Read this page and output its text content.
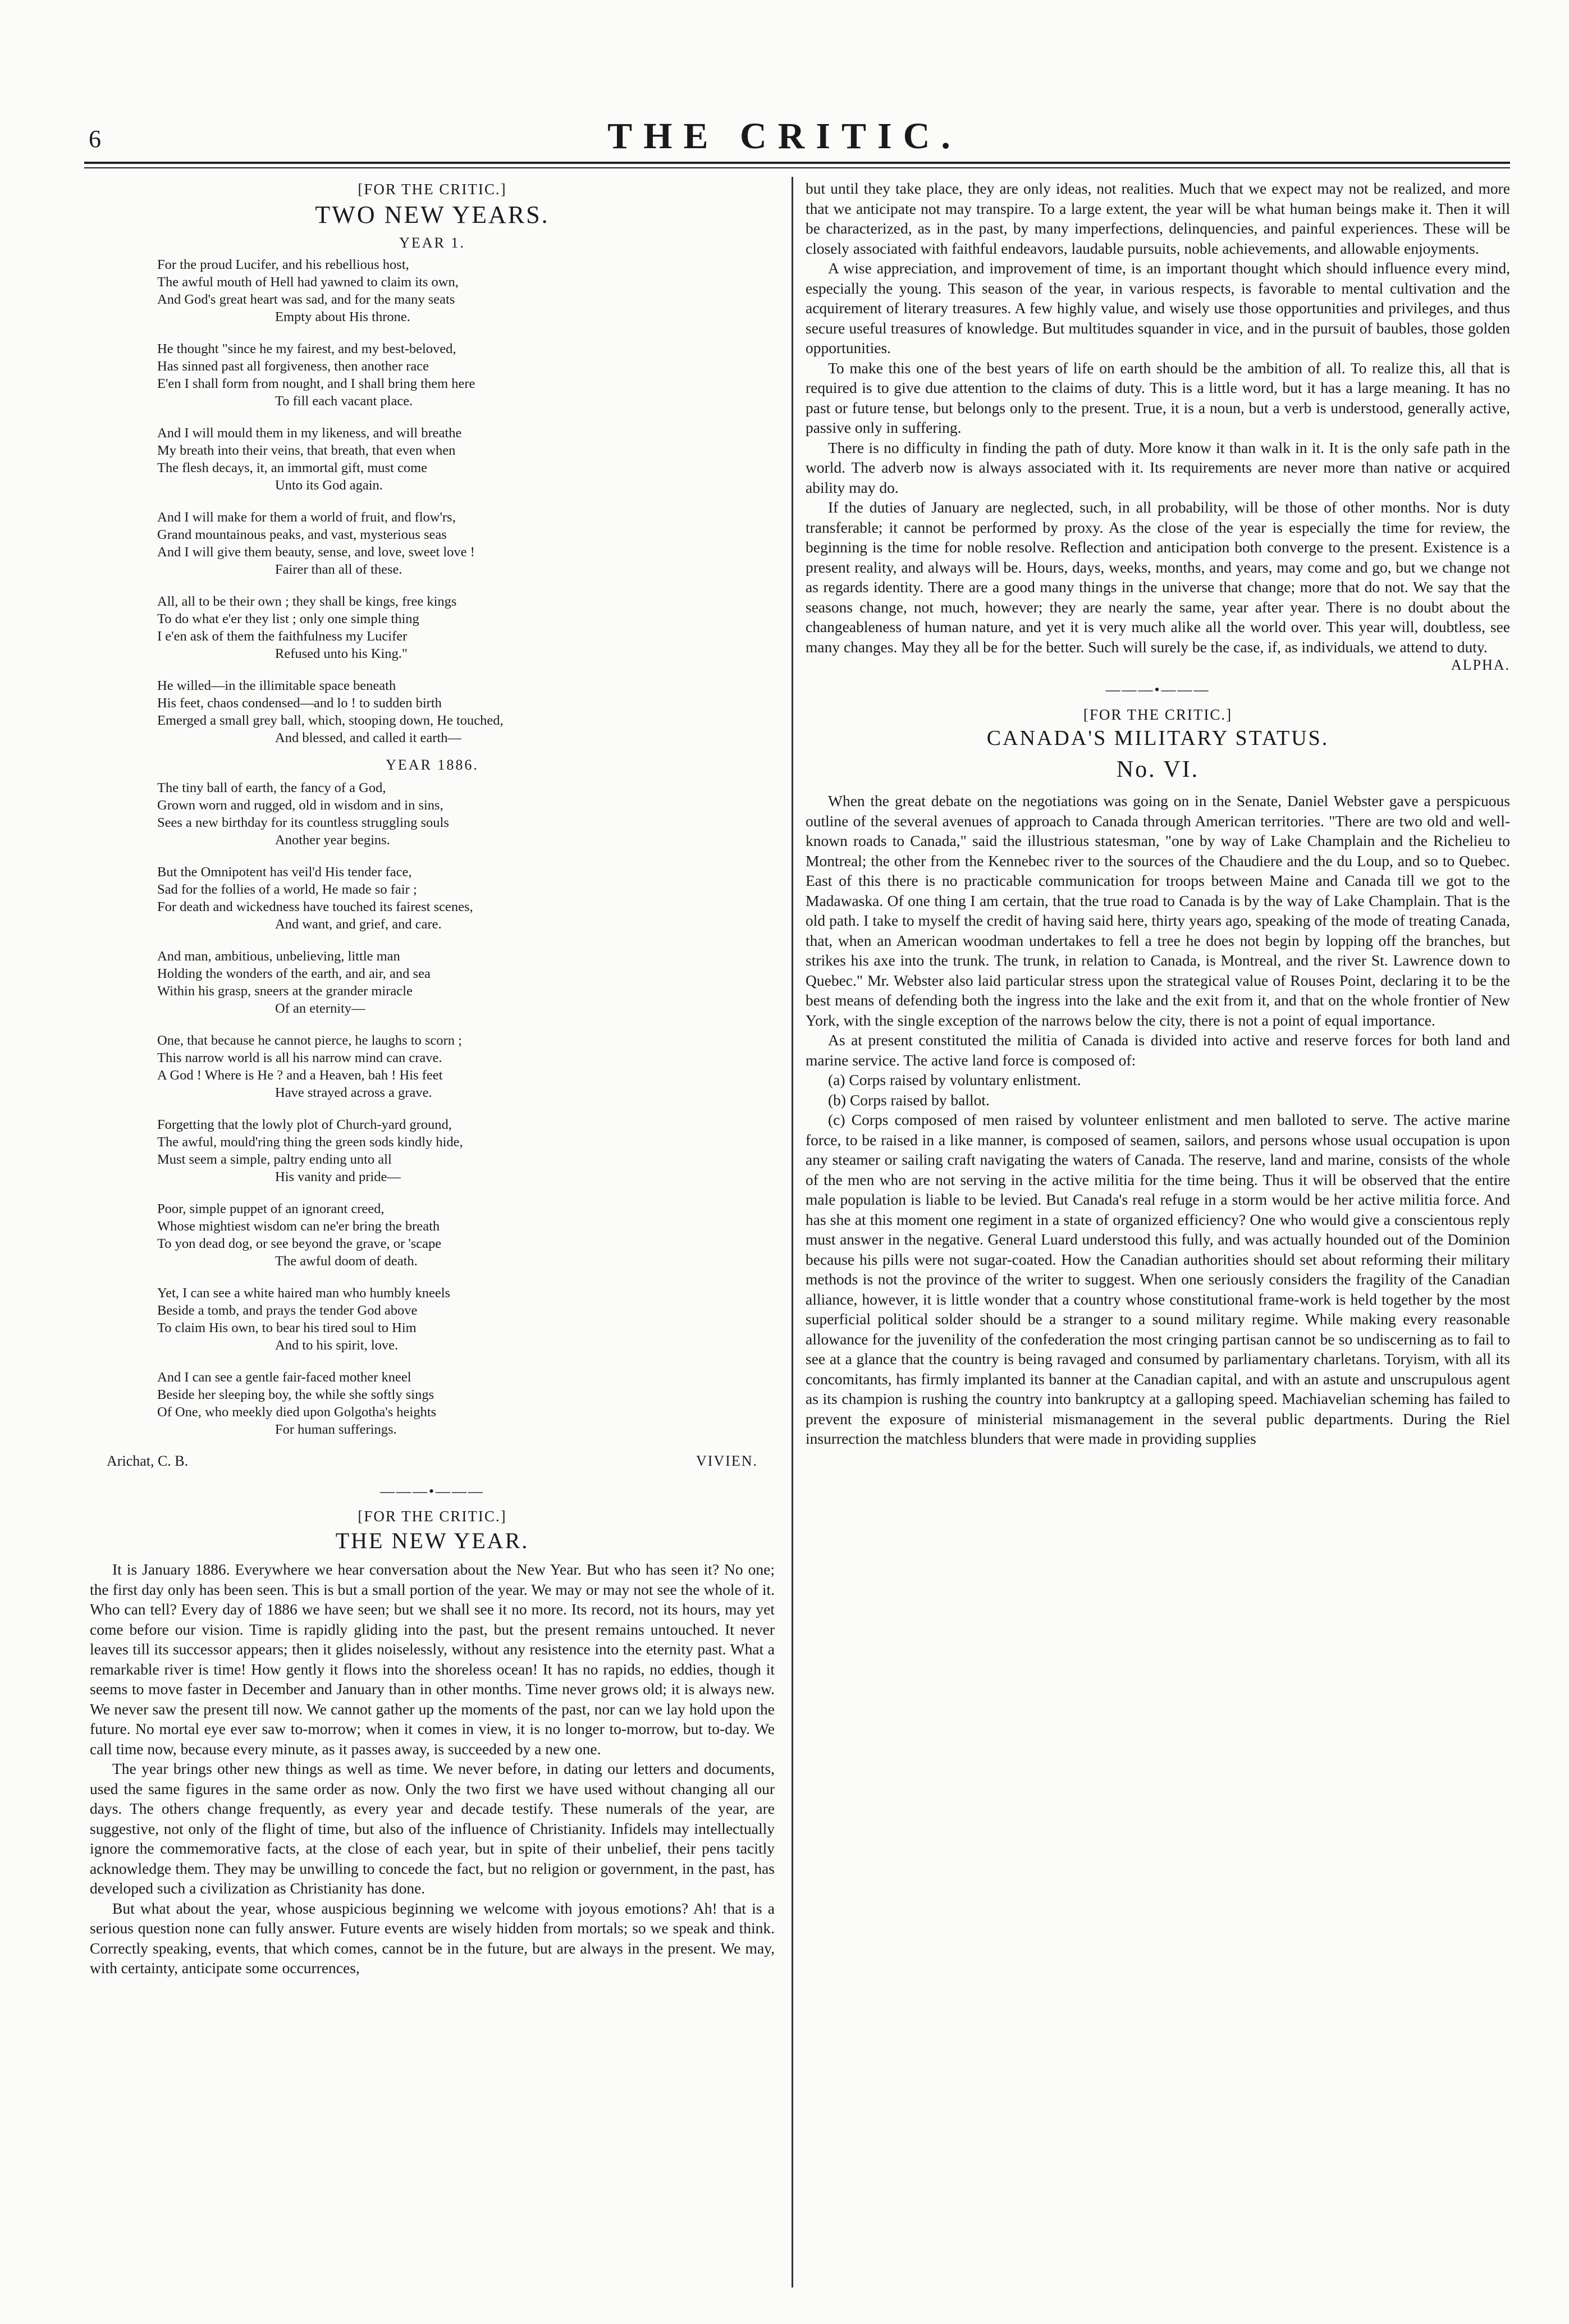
6	THE CRITIC.
[FOR THE CRITIC.]
TWO NEW YEARS.
YEAR 1.
For the proud Lucifer, and his rebellious host,
The awful mouth of Hell had yawned to claim its own,
And God's great heart was sad, and for the many seats
Empty about His throne.
He thought "since he my fairest, and my best-beloved,
Has sinned past all forgiveness, then another race
E'en I shall form from nought, and I shall bring them here
To fill each vacant place.
And I will mould them in my likeness, and will breathe
My breath into their veins, that breath, that even when
The flesh decays, it, an immortal gift, must come
Unto its God again.
And I will make for them a world of fruit, and flow'rs,
Grand mountainous peaks, and vast, mysterious seas
And I will give them beauty, sense, and love, sweet love !
Fairer than all of these.
All, all to be their own ; they shall be kings, free kings
To do what e'er they list ; only one simple thing
I e'en ask of them the faithfulness my Lucifer
Refused unto his King."
He willed—in the illimitable space beneath
His feet, chaos condensed—and lo ! to sudden birth
Emerged a small grey ball, which, stooping down, He touched,
And blessed, and called it earth—
YEAR 1886.
The tiny ball of earth, the fancy of a God,
Grown worn and rugged, old in wisdom and in sins,
Sees a new birthday for its countless struggling souls
Another year begins.
But the Omnipotent has veil'd His tender face,
Sad for the follies of a world, He made so fair ;
For death and wickedness have touched its fairest scenes,
And want, and grief, and care.
And man, ambitious, unbelieving, little man
Holding the wonders of the earth, and air, and sea
Within his grasp, sneers at the grander miracle
Of an eternity—
One, that because he cannot pierce, he laughs to scorn ;
This narrow world is all his narrow mind can crave.
A God ! Where is He ? and a Heaven, bah ! His feet
Have strayed across a grave.
Forgetting that the lowly plot of Church-yard ground,
The awful, mould'ring thing the green sods kindly hide,
Must seem a simple, paltry ending unto all
His vanity and pride—
Poor, simple puppet of an ignorant creed,
Whose mightiest wisdom can ne'er bring the breath
To yon dead dog, or see beyond the grave, or 'scape
The awful doom of death.
Yet, I can see a white haired man who humbly kneels
Beside a tomb, and prays the tender God above
To claim His own, to bear his tired soul to Him
And to his spirit, love.
And I can see a gentle fair-faced mother kneel
Beside her sleeping boy, the while she softly sings
Of One, who meekly died upon Golgotha's heights
For human sufferings.
Arichat, C. B.	VIVIEN.
———•———
[FOR THE CRITIC.]
THE NEW YEAR.

It is January 1886. Everywhere we hear conversation about the New Year. But who has seen it? No one; the first day only has been seen. This is but a small portion of the year. We may or may not see the whole of it. Who can tell? Every day of 1886 we have seen; but we shall see it no more. Its record, not its hours, may yet come before our vision. Time is rapidly gliding into the past, but the present remains untouched. It never leaves till its successor appears; then it glides noiselessly, without any resistence into the eternity past. What a remarkable river is time! How gently it flows into the shoreless ocean! It has no rapids, no eddies, though it seems to move faster in December and January than in other months. Time never grows old; it is always new. We never saw the present till now. We cannot gather up the moments of the past, nor can we lay hold upon the future. No mortal eye ever saw to-morrow; when it comes in view, it is no longer to-morrow, but to-day. We call time now, because every minute, as it passes away, is succeeded by a new one.

The year brings other new things as well as time. We never before, in dating our letters and documents, used the same figures in the same order as now. Only the two first we have used without changing all our days. The others change frequently, as every year and decade testify. These numerals of the year, are suggestive, not only of the flight of time, but also of the influence of Christianity. Infidels may intellectually ignore the commemorative facts, at the close of each year, but in spite of their unbelief, their pens tacitly acknowledge them. They may be unwilling to concede the fact, but no religion or government, in the past, has developed such a civilization as Christianity has done.

But what about the year, whose auspicious beginning we welcome with joyous emotions? Ah! that is a serious question none can fully answer. Future events are wisely hidden from mortals; so we speak and think. Correctly speaking, events, that which comes, cannot be in the future, but are always in the present. We may, with certainty, anticipate some occurrences,

but until they take place, they are only ideas, not realities. Much that we expect may not be realized, and more that we anticipate not may transpire. To a large extent, the year will be what human beings make it. Then it will be characterized, as in the past, by many imperfections, delinquencies, and painful experiences. These will be closely associated with faithful endeavors, laudable pursuits, noble achievements, and allowable enjoyments.

A wise appreciation, and improvement of time, is an important thought which should influence every mind, especially the young. This season of the year, in various respects, is favorable to mental cultivation and the acquirement of literary treasures. A few highly value, and wisely use those opportunities and privileges, and thus secure useful treasures of knowledge. But multitudes squander in vice, and in the pursuit of baubles, those golden opportunities.

To make this one of the best years of life on earth should be the ambition of all. To realize this, all that is required is to give due attention to the claims of duty. This is a little word, but it has a large meaning. It has no past or future tense, but belongs only to the present. True, it is a noun, but a verb is understood, generally active, passive only in suffering.

There is no difficulty in finding the path of duty. More know it than walk in it. It is the only safe path in the world. The adverb now is always associated with it. Its requirements are never more than native or acquired ability may do.

If the duties of January are neglected, such, in all probability, will be those of other months. Nor is duty transferable; it cannot be performed by proxy. As the close of the year is especially the time for review, the beginning is the time for noble resolve. Reflection and anticipation both converge to the present. Existence is a present reality, and always will be. Hours, days, weeks, months, and years, may come and go, but we change not as regards identity. There are a good many things in the universe that change; more that do not. We say that the seasons change, not much, however; they are nearly the same, year after year. There is no doubt about the changeableness of human nature, and yet it is very much alike all the world over. This year will, doubtless, see many changes. May they all be for the better. Such will surely be the case, if, as individuals, we attend to duty.

ALPHA.

———•———
[FOR THE CRITIC.]
CANADA'S MILITARY STATUS.
No. VI.

When the great debate on the negotiations was going on in the Senate, Daniel Webster gave a perspicuous outline of the several avenues of approach to Canada through American territories. "There are two old and well-known roads to Canada," said the illustrious statesman, "one by way of Lake Champlain and the Richelieu to Montreal; the other from the Kennebec river to the sources of the Chaudiere and the du Loup, and so to Quebec. East of this there is no practicable communication for troops between Maine and Canada till we got to the Madawaska. Of one thing I am certain, that the true road to Canada is by the way of Lake Champlain. That is the old path. I take to myself the credit of having said here, thirty years ago, speaking of the mode of treating Canada, that, when an American woodman undertakes to fell a tree he does not begin by lopping off the branches, but strikes his axe into the trunk. The trunk, in relation to Canada, is Montreal, and the river St. Lawrence down to Quebec." Mr. Webster also laid particular stress upon the strategical value of Rouses Point, declaring it to be the best means of defending both the ingress into the lake and the exit from it, and that on the whole frontier of New York, with the single exception of the narrows below the city, there is not a point of equal importance.

As at present constituted the militia of Canada is divided into active and reserve forces for both land and marine service. The active land force is composed of:

(a) Corps raised by voluntary enlistment.

(b) Corps raised by ballot.

(c) Corps composed of men raised by volunteer enlistment and men balloted to serve. The active marine force, to be raised in a like manner, is composed of seamen, sailors, and persons whose usual occupation is upon any steamer or sailing craft navigating the waters of Canada. The reserve, land and marine, consists of the whole of the men who are not serving in the active militia for the time being. Thus it will be observed that the entire male population is liable to be levied. But Canada's real refuge in a storm would be her active militia force. And has she at this moment one regiment in a state of organized efficiency? One who would give a conscientous reply must answer in the negative. General Luard understood this fully, and was actually hounded out of the Dominion because his pills were not sugar-coated. How the Canadian authorities should set about reforming their military methods is not the province of the writer to suggest. When one seriously considers the fragility of the Canadian alliance, however, it is little wonder that a country whose constitutional frame-work is held together by the most superficial political solder should be a stranger to a sound military regime. While making every reasonable allowance for the juvenility of the confederation the most cringing partisan cannot be so undiscerning as to fail to see at a glance that the country is being ravaged and consumed by parliamentary charletans. Toryism, with all its concomitants, has firmly implanted its banner at the Canadian capital, and with an astute and unscrupulous agent as its champion is rushing the country into bankruptcy at a galloping speed. Machiavelian scheming has failed to prevent the exposure of ministerial mismanagement in the several public departments. During the Riel insurrection the matchless blunders that were made in providing supplies
